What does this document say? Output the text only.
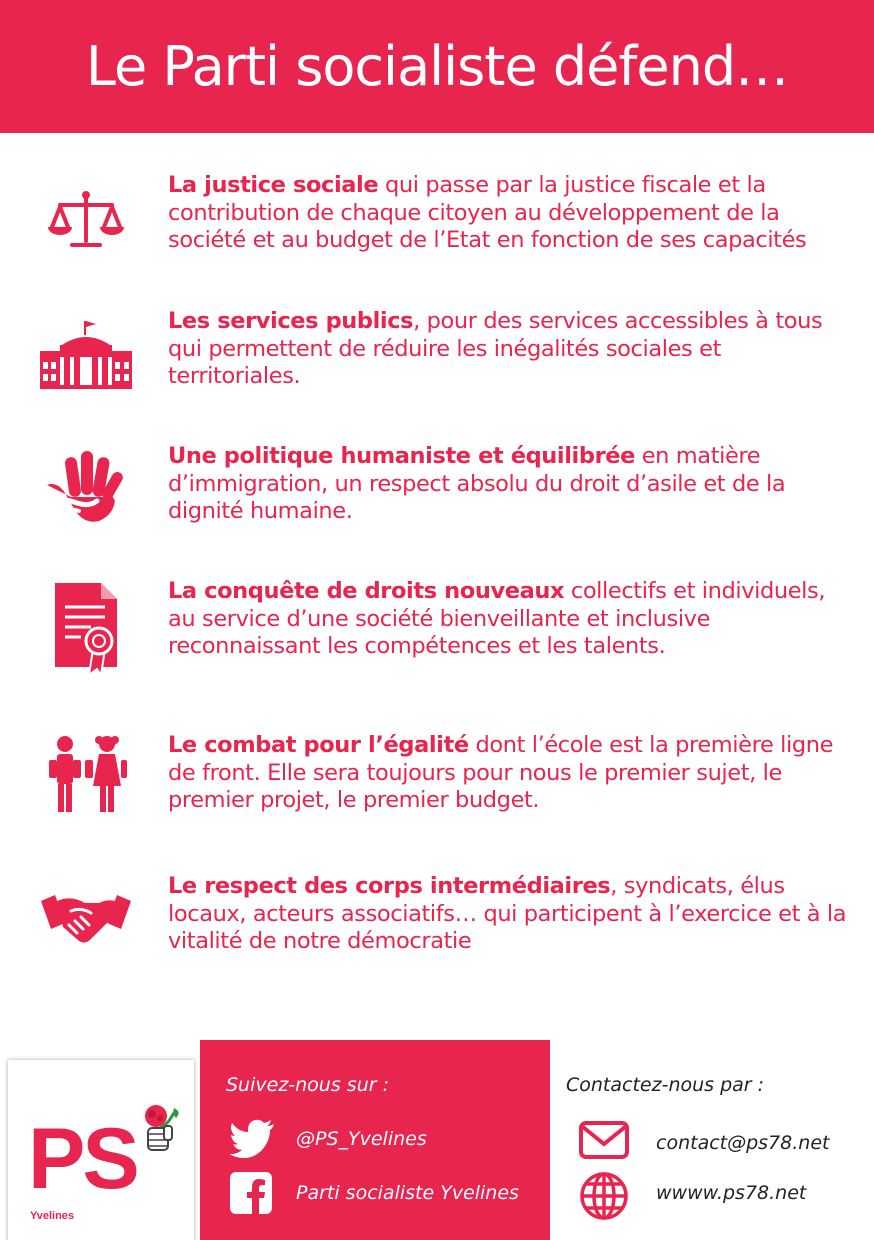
Le Parti socialiste défend…
La justice sociale qui passe par la justice fiscale et la contribution de chaque citoyen au développement de la société et au budget de l’Etat en fonction de ses capacités
Les services publics, pour des services accessibles à tous qui permettent de réduire les inégalités sociales et territoriales.
Une politique humaniste et équilibrée en matière d’immigration, un respect absolu du droit d’asile et de la dignité humaine.
La conquête de droits nouveaux collectifs et individuels, au service d’une société bienveillante et inclusive reconnaissant les compétences et les talents.
Le combat pour l’égalité dont l’école est la première ligne de front. Elle sera toujours pour nous le premier sujet, le premier projet, le premier budget.
Le respect des corps intermédiaires, syndicats, élus locaux, acteurs associatifs… qui participent à l’exercice et à la vitalité de notre démocratie
PS
Yvelines
Suivez-nous sur :
@PS_Yvelines
Parti socialiste Yvelines
Contactez-nous par :
contact@ps78.net
wwww.ps78.net
